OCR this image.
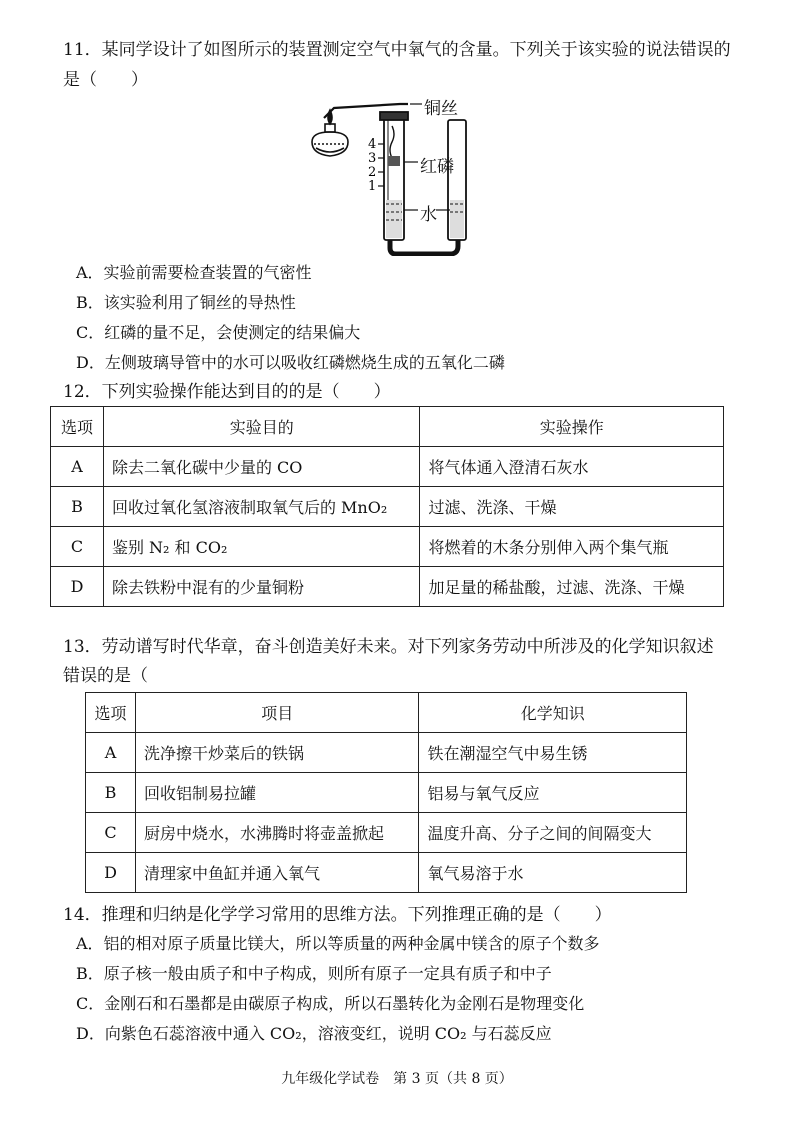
11．某同学设计了如图所示的装置测定空气中氧气的含量。下列关于该实验的说法错误的
是（　　）
4
3
2
1
铜丝
红磷
水
A．实验前需要检查装置的气密性
B．该实验利用了铜丝的导热性
C．红磷的量不足，会使测定的结果偏大
D．左侧玻璃导管中的水可以吸收红磷燃烧生成的五氧化二磷
12．下列实验操作能达到目的的是（　　）
选项	实验目的	实验操作
A	除去二氧化碳中少量的 CO	将气体通入澄清石灰水
B	回收过氧化氢溶液制取氧气后的 MnO₂	过滤、洗涤、干燥
C	鉴别 N₂ 和 CO₂	将燃着的木条分别伸入两个集气瓶
D	除去铁粉中混有的少量铜粉	加足量的稀盐酸，过滤、洗涤、干燥
13．劳动谱写时代华章，奋斗创造美好未来。对下列家务劳动中所涉及的化学知识叙述
错误的是（
选项	项目	化学知识
A	洗净擦干炒菜后的铁锅	铁在潮湿空气中易生锈
B	回收铝制易拉罐	铝易与氧气反应
C	厨房中烧水，水沸腾时将壶盖掀起	温度升高、分子之间的间隔变大
D	清理家中鱼缸并通入氧气	氧气易溶于水
14．推理和归纳是化学学习常用的思维方法。下列推理正确的是（　　）
A．铝的相对原子质量比镁大，所以等质量的两种金属中镁含的原子个数多
B．原子核一般由质子和中子构成，则所有原子一定具有质子和中子
C．金刚石和石墨都是由碳原子构成，所以石墨转化为金刚石是物理变化
D．向紫色石蕊溶液中通入 CO₂，溶液变红，说明 CO₂ 与石蕊反应
九年级化学试卷　第 3 页（共 8 页）
